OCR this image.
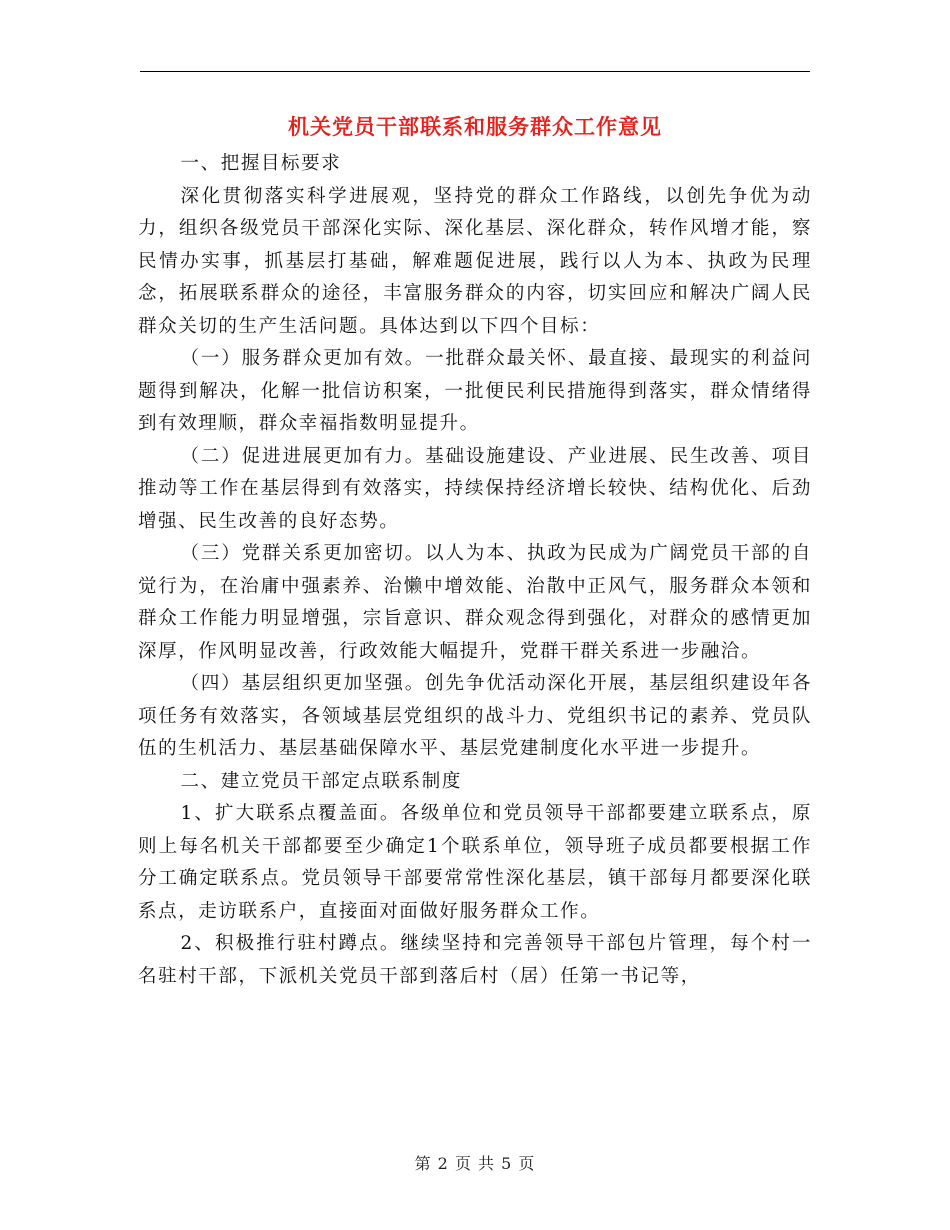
机关党员干部联系和服务群众工作意见

一、把握目标要求

深化贯彻落实科学进展观，坚持党的群众工作路线，以创先争优为动力，组织各级党员干部深化实际、深化基层、深化群众，转作风增才能，察民情办实事，抓基层打基础，解难题促进展，践行以人为本、执政为民理念，拓展联系群众的途径，丰富服务群众的内容，切实回应和解决广阔人民群众关切的生产生活问题。具体达到以下四个目标：

（一）服务群众更加有效。一批群众最关怀、最直接、最现实的利益问题得到解决，化解一批信访积案，一批便民利民措施得到落实，群众情绪得到有效理顺，群众幸福指数明显提升。

（二）促进进展更加有力。基础设施建设、产业进展、民生改善、项目推动等工作在基层得到有效落实，持续保持经济增长较快、结构优化、后劲增强、民生改善的良好态势。

（三）党群关系更加密切。以人为本、执政为民成为广阔党员干部的自觉行为，在治庸中强素养、治懒中增效能、治散中正风气，服务群众本领和群众工作能力明显增强，宗旨意识、群众观念得到强化，对群众的感情更加深厚，作风明显改善，行政效能大幅提升，党群干群关系进一步融洽。

（四）基层组织更加坚强。创先争优活动深化开展，基层组织建设年各项任务有效落实，各领域基层党组织的战斗力、党组织书记的素养、党员队伍的生机活力、基层基础保障水平、基层党建制度化水平进一步提升。

二、建立党员干部定点联系制度

1、扩大联系点覆盖面。各级单位和党员领导干部都要建立联系点，原则上每名机关干部都要至少确定1个联系单位，领导班子成员都要根据工作分工确定联系点。党员领导干部要常常性深化基层，镇干部每月都要深化联系点，走访联系户，直接面对面做好服务群众工作。

2、积极推行驻村蹲点。继续坚持和完善领导干部包片管理，每个村一名驻村干部，下派机关党员干部到落后村（居）任第一书记等，

第 2 页 共 5 页
